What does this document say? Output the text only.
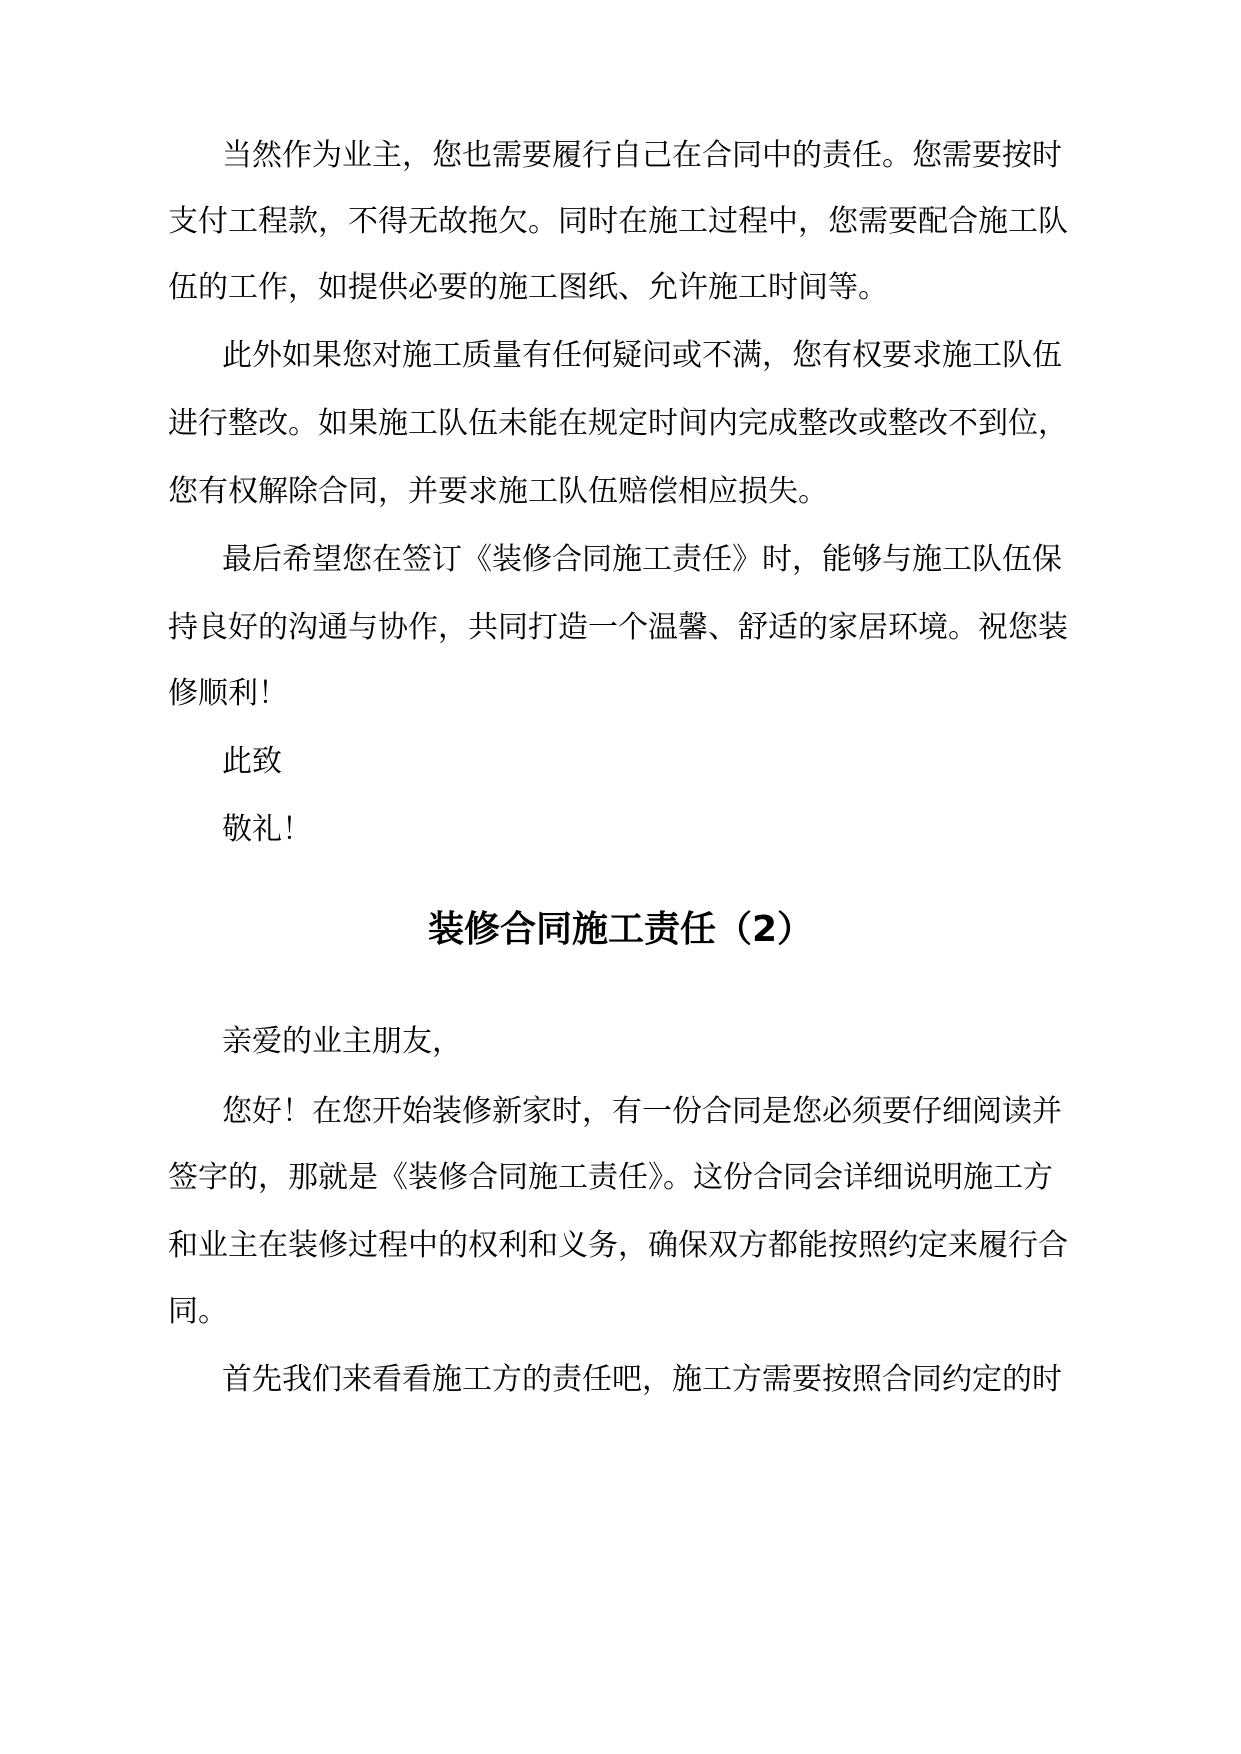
当然作为业主，您也需要履行自己在合同中的责任。您需要按时
支付工程款，不得无故拖欠。同时在施工过程中，您需要配合施工队
伍的工作，如提供必要的施工图纸、允许施工时间等。
此外如果您对施工质量有任何疑问或不满，您有权要求施工队伍
进行整改。如果施工队伍未能在规定时间内完成整改或整改不到位，
您有权解除合同，并要求施工队伍赔偿相应损失。
最后希望您在签订《装修合同施工责任》时，能够与施工队伍保
持良好的沟通与协作，共同打造一个温馨、舒适的家居环境。祝您装
修顺利！
此致
敬礼！
装修合同施工责任（2）
亲爱的业主朋友，
您好！在您开始装修新家时，有一份合同是您必须要仔细阅读并
签字的，那就是《装修合同施工责任》。这份合同会详细说明施工方
和业主在装修过程中的权利和义务，确保双方都能按照约定来履行合
同。
首先我们来看看施工方的责任吧，施工方需要按照合同约定的时
